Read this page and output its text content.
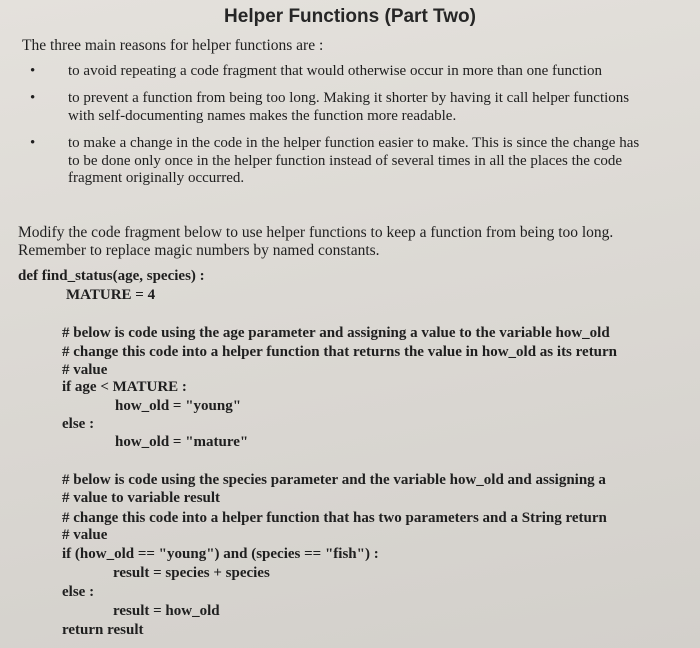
Helper Functions (Part Two)
The three main reasons for helper functions are :
• to avoid repeating a code fragment that would otherwise occur in more than one function
• to prevent a function from being too long. Making it shorter by having it call helper functions
with self-documenting names makes the function more readable.
• to make a change in the code in the helper function easier to make. This is since the change has
to be done only once in the helper function instead of several times in all the places the code
fragment originally occurred.
Modify the code fragment below to use helper functions to keep a function from being too long.
Remember to replace magic numbers by named constants.
def find_status(age, species) :
MATURE = 4
# below is code using the age parameter and assigning a value to the variable how_old
# change this code into a helper function that returns the value in how_old as its return
# value
if age < MATURE :
how_old = "young"
else :
how_old = "mature"
# below is code using the species parameter and the variable how_old and assigning a
# value to variable result
# change this code into a helper function that has two parameters and a String return
# value
if (how_old == "young") and (species == "fish") :
result = species + species
else :
result = how_old
return result
